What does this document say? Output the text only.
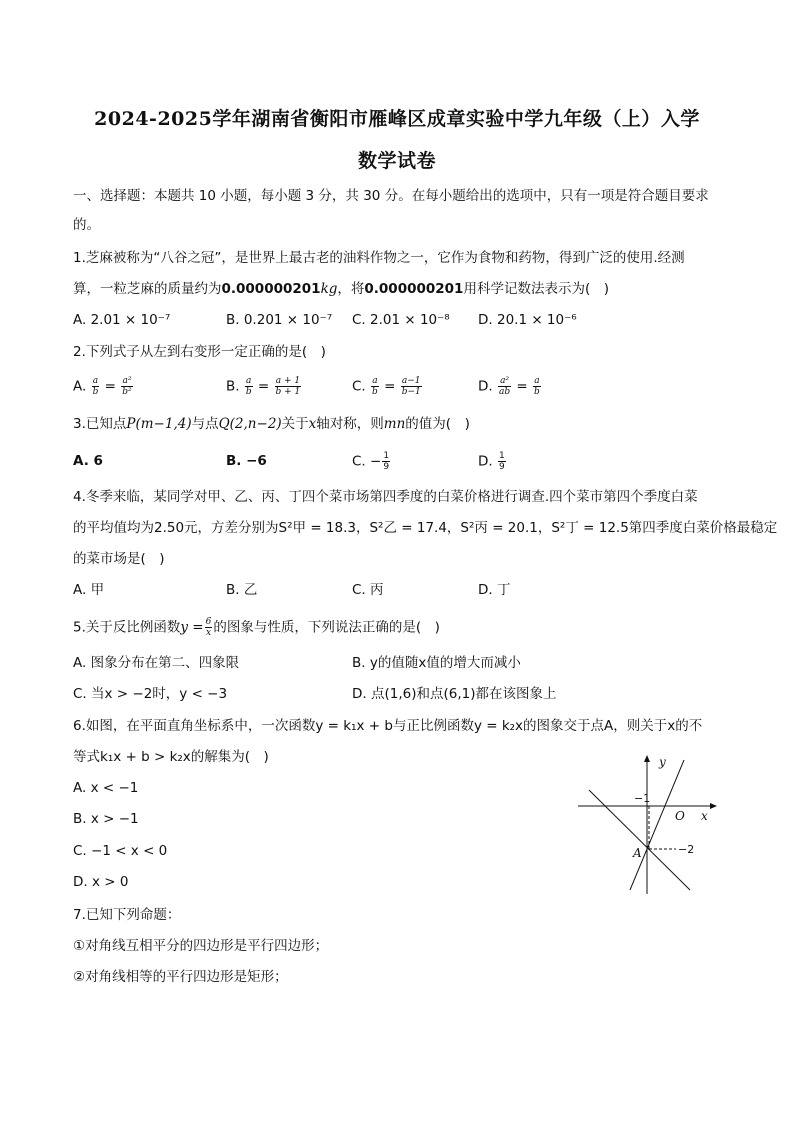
2024-2025学年湖南省衡阳市雁峰区成章实验中学九年级（上）入学
数学试卷
一、选择题：本题共 10 小题，每小题 3 分，共 30 分。在每小题给出的选项中，只有一项是符合题目要求
的。
1.芝麻被称为“八谷之冠”，是世界上最古老的油料作物之一，它作为食物和药物，得到广泛的使用.经测
算，一粒芝麻的质量约为0.000000201kg，将0.000000201用科学记数法表示为(　)
A. 2.01 × 10⁻⁷	B. 0.201 × 10⁻⁷ C. 2.01 × 10⁻⁸ D. 20.1 × 10⁻⁶
2.下列式子从左到右变形一定正确的是(　)
A. $\frac{a}{b} = \frac{\text{a²}}{\text{b²}}$	B. $\frac{a}{b} = \frac{a + 1}{b + 1}$	C. $\frac{a}{b} = \frac{a-1}{b-1}$	D. $\frac{\text{a²}}{ab} = \frac{a}{b}$
3.已知点P(m−1,4)与点Q(2,n−2)关于x轴对称，则mn的值为(　)
A. 6	B. −6	C. − $\frac{1}{9}$	D. $\frac{1}{9}$
4.冬季来临，某同学对甲、乙、丙、丁四个菜市场第四季度的白菜价格进行调查.四个菜市第四个季度白菜
的平均值均为2.50元，方差分别为S²甲 = 18.3，S²乙 = 17.4，S²丙 = 20.1，S²丁 = 12.5第四季度白菜价格最稳定
的菜市场是(　)
A. 甲	B. 乙	C. 丙	D. 丁
5.关于反比例函数$y = \frac{6}{x}$ 的图象与性质，下列说法正确的是(　)
A. 图象分布在第二、四象限	B. y的值随x值的增大而减小
C. 当x > −2时，y < −3	D. 点(1,6)和点(6,1)都在该图象上
6.如图，在平面直角坐标系中，一次函数y = k₁x + b与正比例函数y = k₂x的图象交于点A，则关于x的不
等式k₁x + b > k₂x的解集为(　)
A. x < −1
B. x > −1
C. −1 < x < 0
D. x > 0
y
x
O
A
−1
−2
7.已知下列命题：
①对角线互相平分的四边形是平行四边形；
②对角线相等的平行四边形是矩形；
